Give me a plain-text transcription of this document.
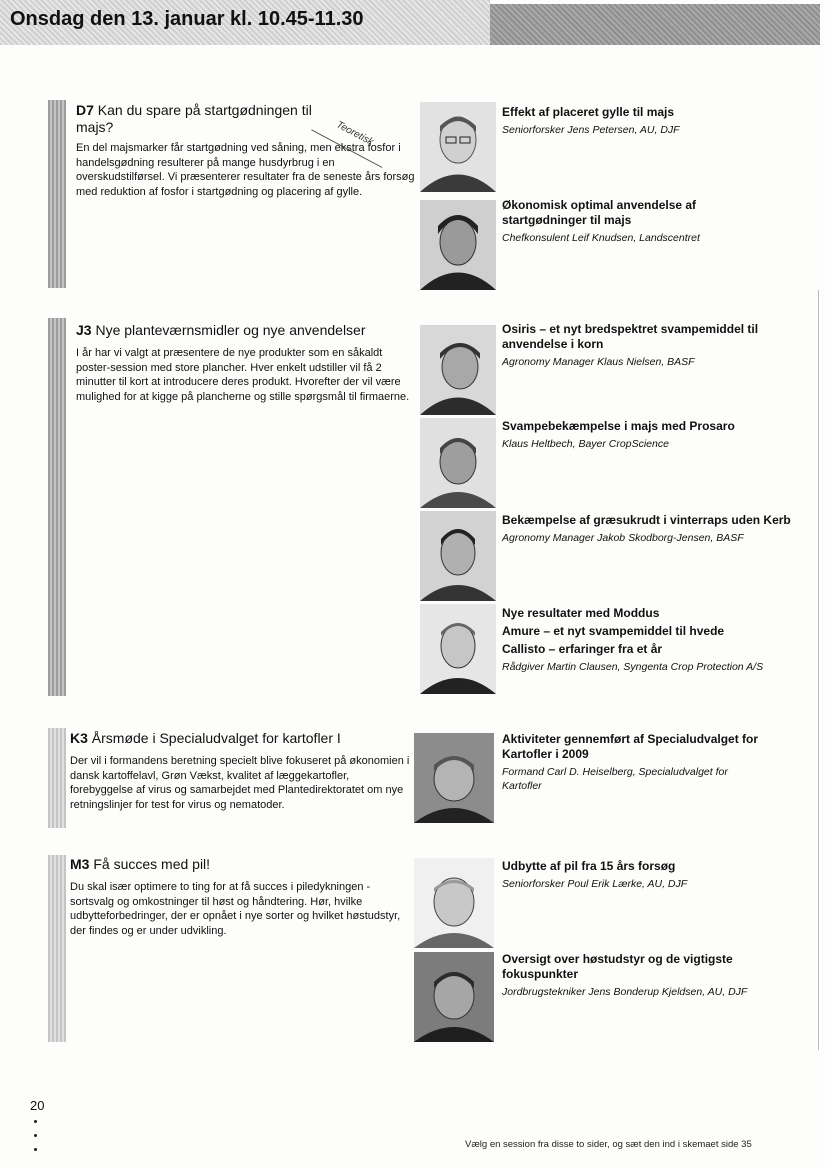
Onsdag den 13. januar kl. 10.45-11.30
D7 Kan du spare på startgødningen til majs?	Teoretisk
En del majsmarker får startgødning ved såning, men ekstra fosfor i handelsgødning resulterer på mange husdyrbrug i en overskudstilførsel. Vi præsenterer resultater fra de seneste års forsøg med reduktion af fosfor i startgødning og placering af gylle.
Effekt af placeret gylle til majs
Seniorforsker Jens Petersen, AU, DJF
Økonomisk optimal anvendelse af startgødninger til majs
Chefkonsulent Leif Knudsen, Landscentret
J3 Nye planteværnsmidler og nye anvendelser
I år har vi valgt at præsentere de nye produkter som en såkaldt poster-session med store plancher. Hver enkelt udstiller vil få 2 minutter til kort at introducere deres produkt. Hvorefter der vil være mulighed for at kigge på plancherne og stille spørgsmål til firmaerne.
Osiris – et nyt bredspektret svampemiddel til anvendelse i korn
Agronomy Manager Klaus Nielsen, BASF
Svampebekæmpelse i majs med Prosaro
Klaus Heltbech, Bayer CropScience
Bekæmpelse af græsukrudt i vinterraps uden Kerb
Agronomy Manager Jakob Skodborg-Jensen, BASF
Nye resultater med Moddus
Amure – et nyt svampemiddel til hvede
Callisto – erfaringer fra et år
Rådgiver Martin Clausen, Syngenta Crop Protection A/S
K3 Årsmøde i Specialudvalget for kartofler I
Der vil i formandens beretning specielt blive fokuseret på økonomien i dansk kartoffelavl, Grøn Vækst, kvalitet af læggekartofler, forebyggelse af virus og samarbejdet med Plantedirektoratet om nye retningslinjer for test for virus og nematoder.
Aktiviteter gennemført af Specialudvalget for Kartofler i 2009
Formand Carl D. Heiselberg, Specialudvalget for Kartofler
M3 Få succes med pil!
Du skal især optimere to ting for at få succes i piledykningen - sortsvalg og omkostninger til høst og håndtering. Hør, hvilke udbytteforbedringer, der er opnået i nye sorter og hvilket høstudstyr, der findes og er under udvikling.
Udbytte af pil fra 15 års forsøg
Seniorforsker Poul Erik Lærke, AU, DJF
Oversigt over høstudstyr og de vigtigste fokuspunkter
Jordbrugstekniker Jens Bonderup Kjeldsen, AU, DJF
20
Vælg en session fra disse to sider, og sæt den ind i skemaet side 35
